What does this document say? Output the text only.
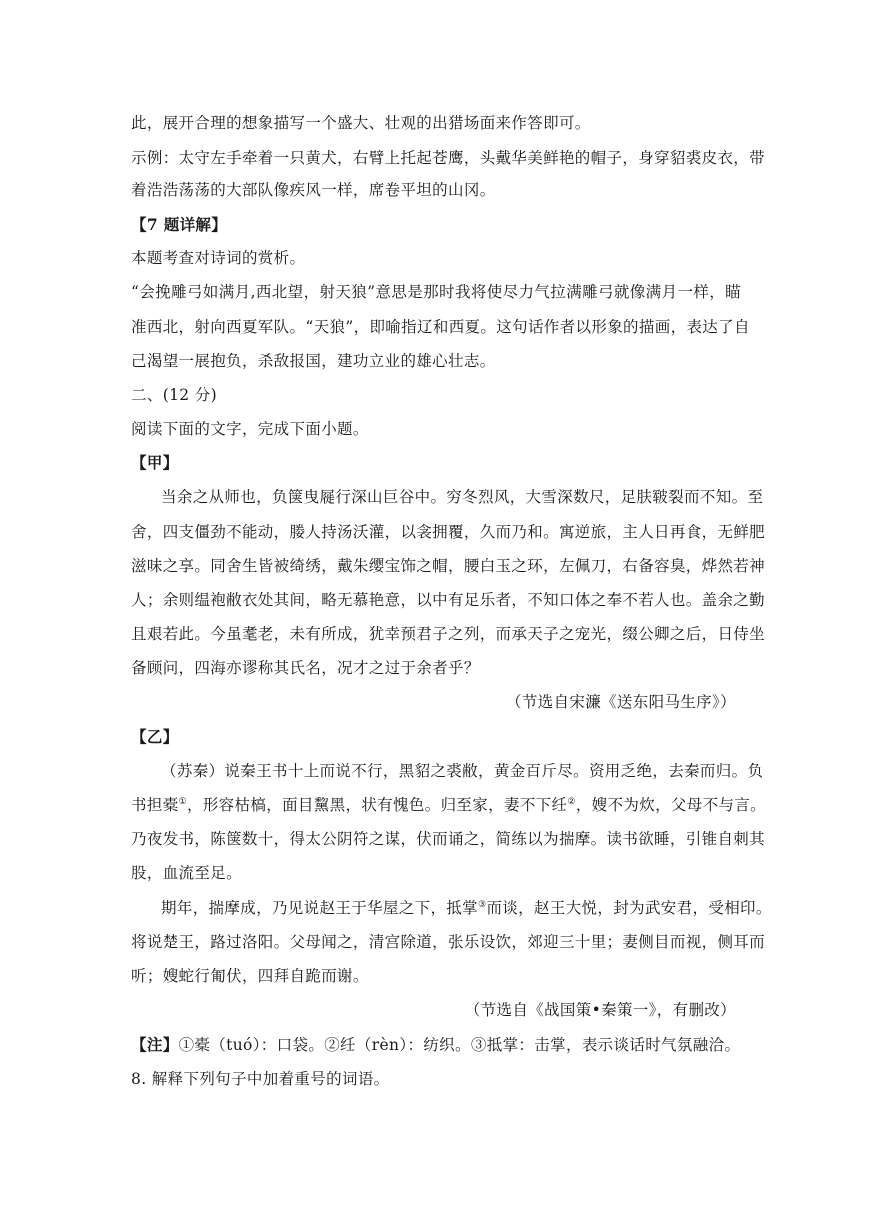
此，展开合理的想象描写一个盛大、壮观的出猎场面来作答即可。
示例：太守左手牵着一只黄犬，右臂上托起苍鹰，头戴华美鲜艳的帽子，身穿貂裘皮衣，带
着浩浩荡荡的大部队像疾风一样，席卷平坦的山冈。
【7 题详解】
本题考查对诗词的赏析。
“会挽雕弓如满月,西北望，射天狼”意思是那时我将使尽力气拉满雕弓就像满月一样，瞄
准西北，射向西夏军队。“天狼”，即喻指辽和西夏。这句话作者以形象的描画，表达了自
己渴望一展抱负，杀敌报国，建功立业的雄心壮志。
二、(12 分)
阅读下面的文字，完成下面小题。
【甲】
当余之从师也，负箧曳屣行深山巨谷中。穷冬烈风，大雪深数尺，足肤皲裂而不知。至
舍，四支僵劲不能动，媵人持汤沃灌，以衾拥覆，久而乃和。寓逆旅，主人日再食，无鲜肥
滋味之享。同舍生皆被绮绣，戴朱缨宝饰之帽，腰白玉之环，左佩刀，右备容臭，烨然若神
人；余则缊袍敝衣处其间，略无慕艳意，以中有足乐者，不知口体之奉不若人也。盖余之勤
且艰若此。今虽耄老，未有所成，犹幸预君子之列，而承天子之宠光，缀公卿之后，日侍坐
备顾问，四海亦谬称其氏名，况才之过于余者乎？
（节选自宋濂《送东阳马生序》）
【乙】
（苏秦）说秦王书十上而说不行，黑貂之裘敝，黄金百斤尽。资用乏绝，去秦而归。负
书担橐①，形容枯槁，面目黧黑，状有愧色。归至家，妻不下纴②，嫂不为炊，父母不与言。
乃夜发书，陈箧数十，得太公阴符之谋，伏而诵之，简练以为揣摩。读书欲睡，引锥自刺其
股，血流至足。
期年，揣摩成，乃见说赵王于华屋之下，抵掌③而谈，赵王大悦，封为武安君，受相印。
将说楚王，路过洛阳。父母闻之，清宫除道，张乐设饮，郊迎三十里；妻侧目而视，侧耳而
听；嫂蛇行匍伏，四拜自跪而谢。
（节选自《战国策•秦策一》，有删改）
【注】①橐（tuó）：口袋。②纴（rèn）：纺织。③抵掌：击掌，表示谈话时气氛融洽。
8. 解释下列句子中加着重号的词语。
